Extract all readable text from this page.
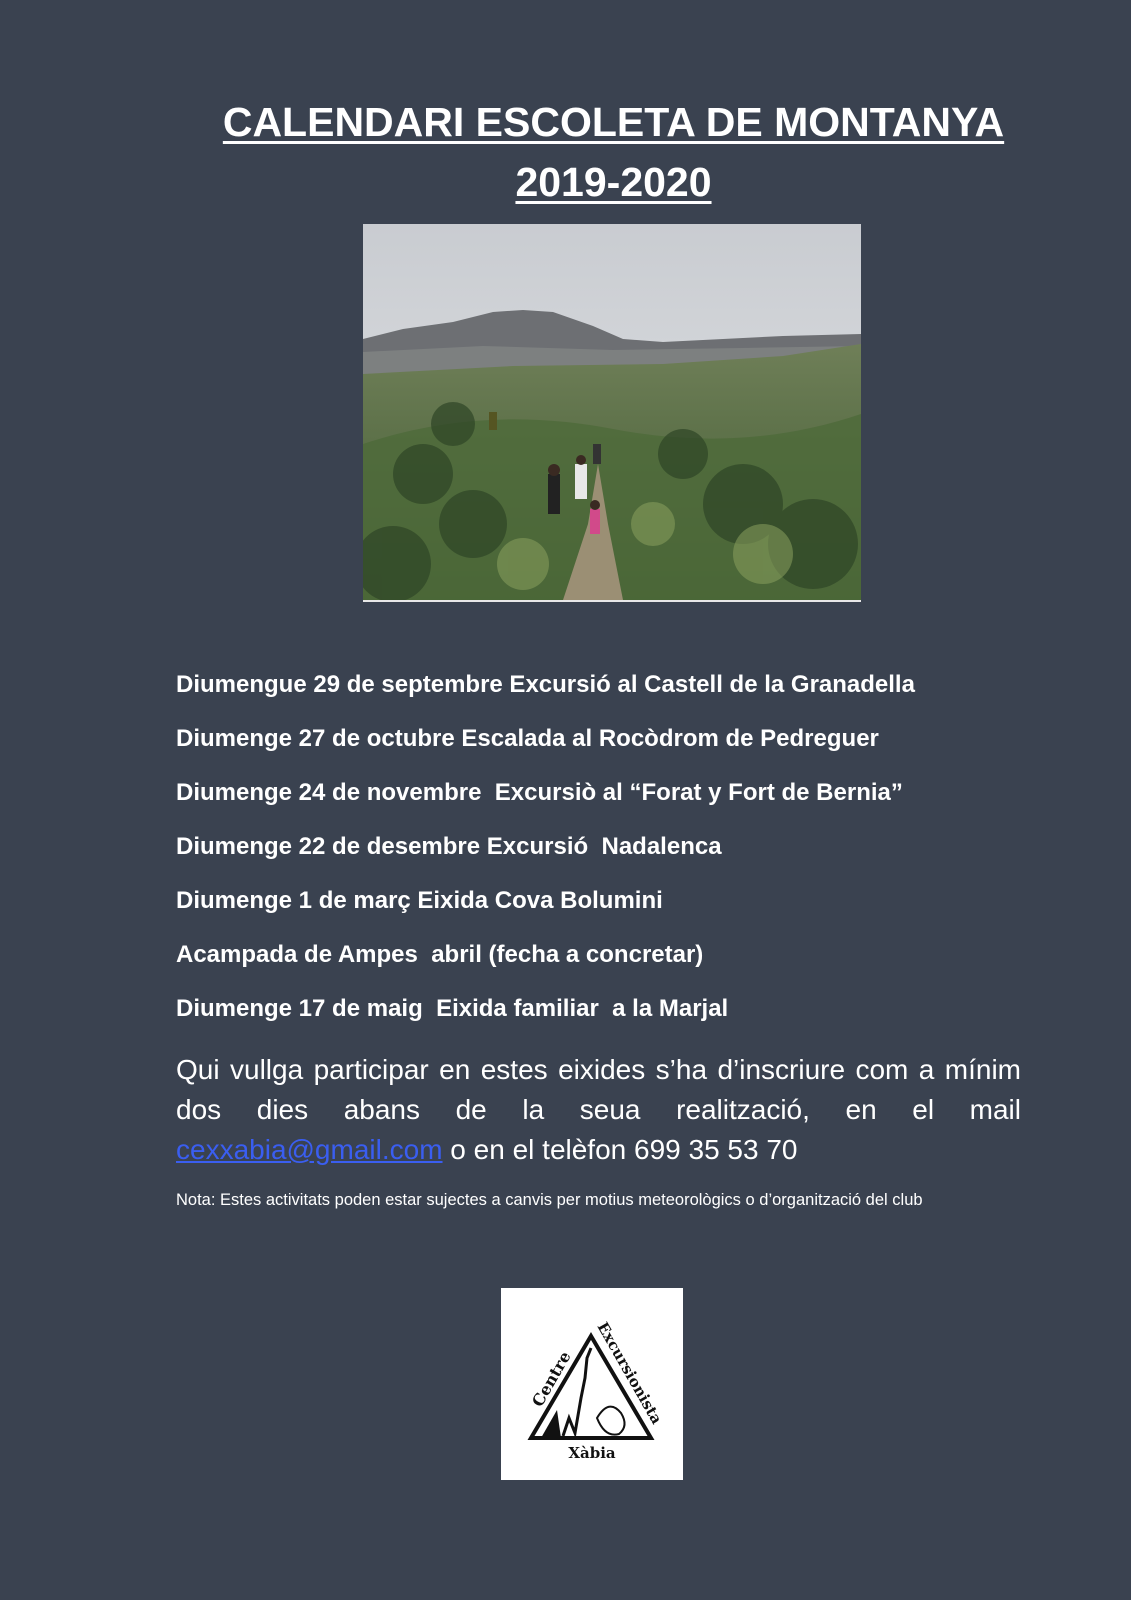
CALENDARI ESCOLETA DE MONTANYA
2019-2020
Diumengue 29 de septembre Excursió al Castell de la Granadella
Diumenge 27 de octubre Escalada al Rocòdrom de Pedreguer
Diumenge 24 de novembre  Excursiò al “Forat y Fort de Bernia”
Diumenge 22 de desembre Excursió  Nadalenca
Diumenge 1 de març Eixida Cova Bolumini
Acampada de Ampes  abril (fecha a concretar)
Diumenge 17 de maig  Eixida familiar  a la Marjal
Qui vullga participar en estes eixides s’ha d’inscriure com a mínim dos dies abans de la seua realització, en el mail cexxabia@gmail.com o en el telèfon 699 35 53 70
Nota: Estes activitats poden estar sujectes a canvis per motius meteorològics o d’organització del club
Centre
Excursionista
Xàbia
